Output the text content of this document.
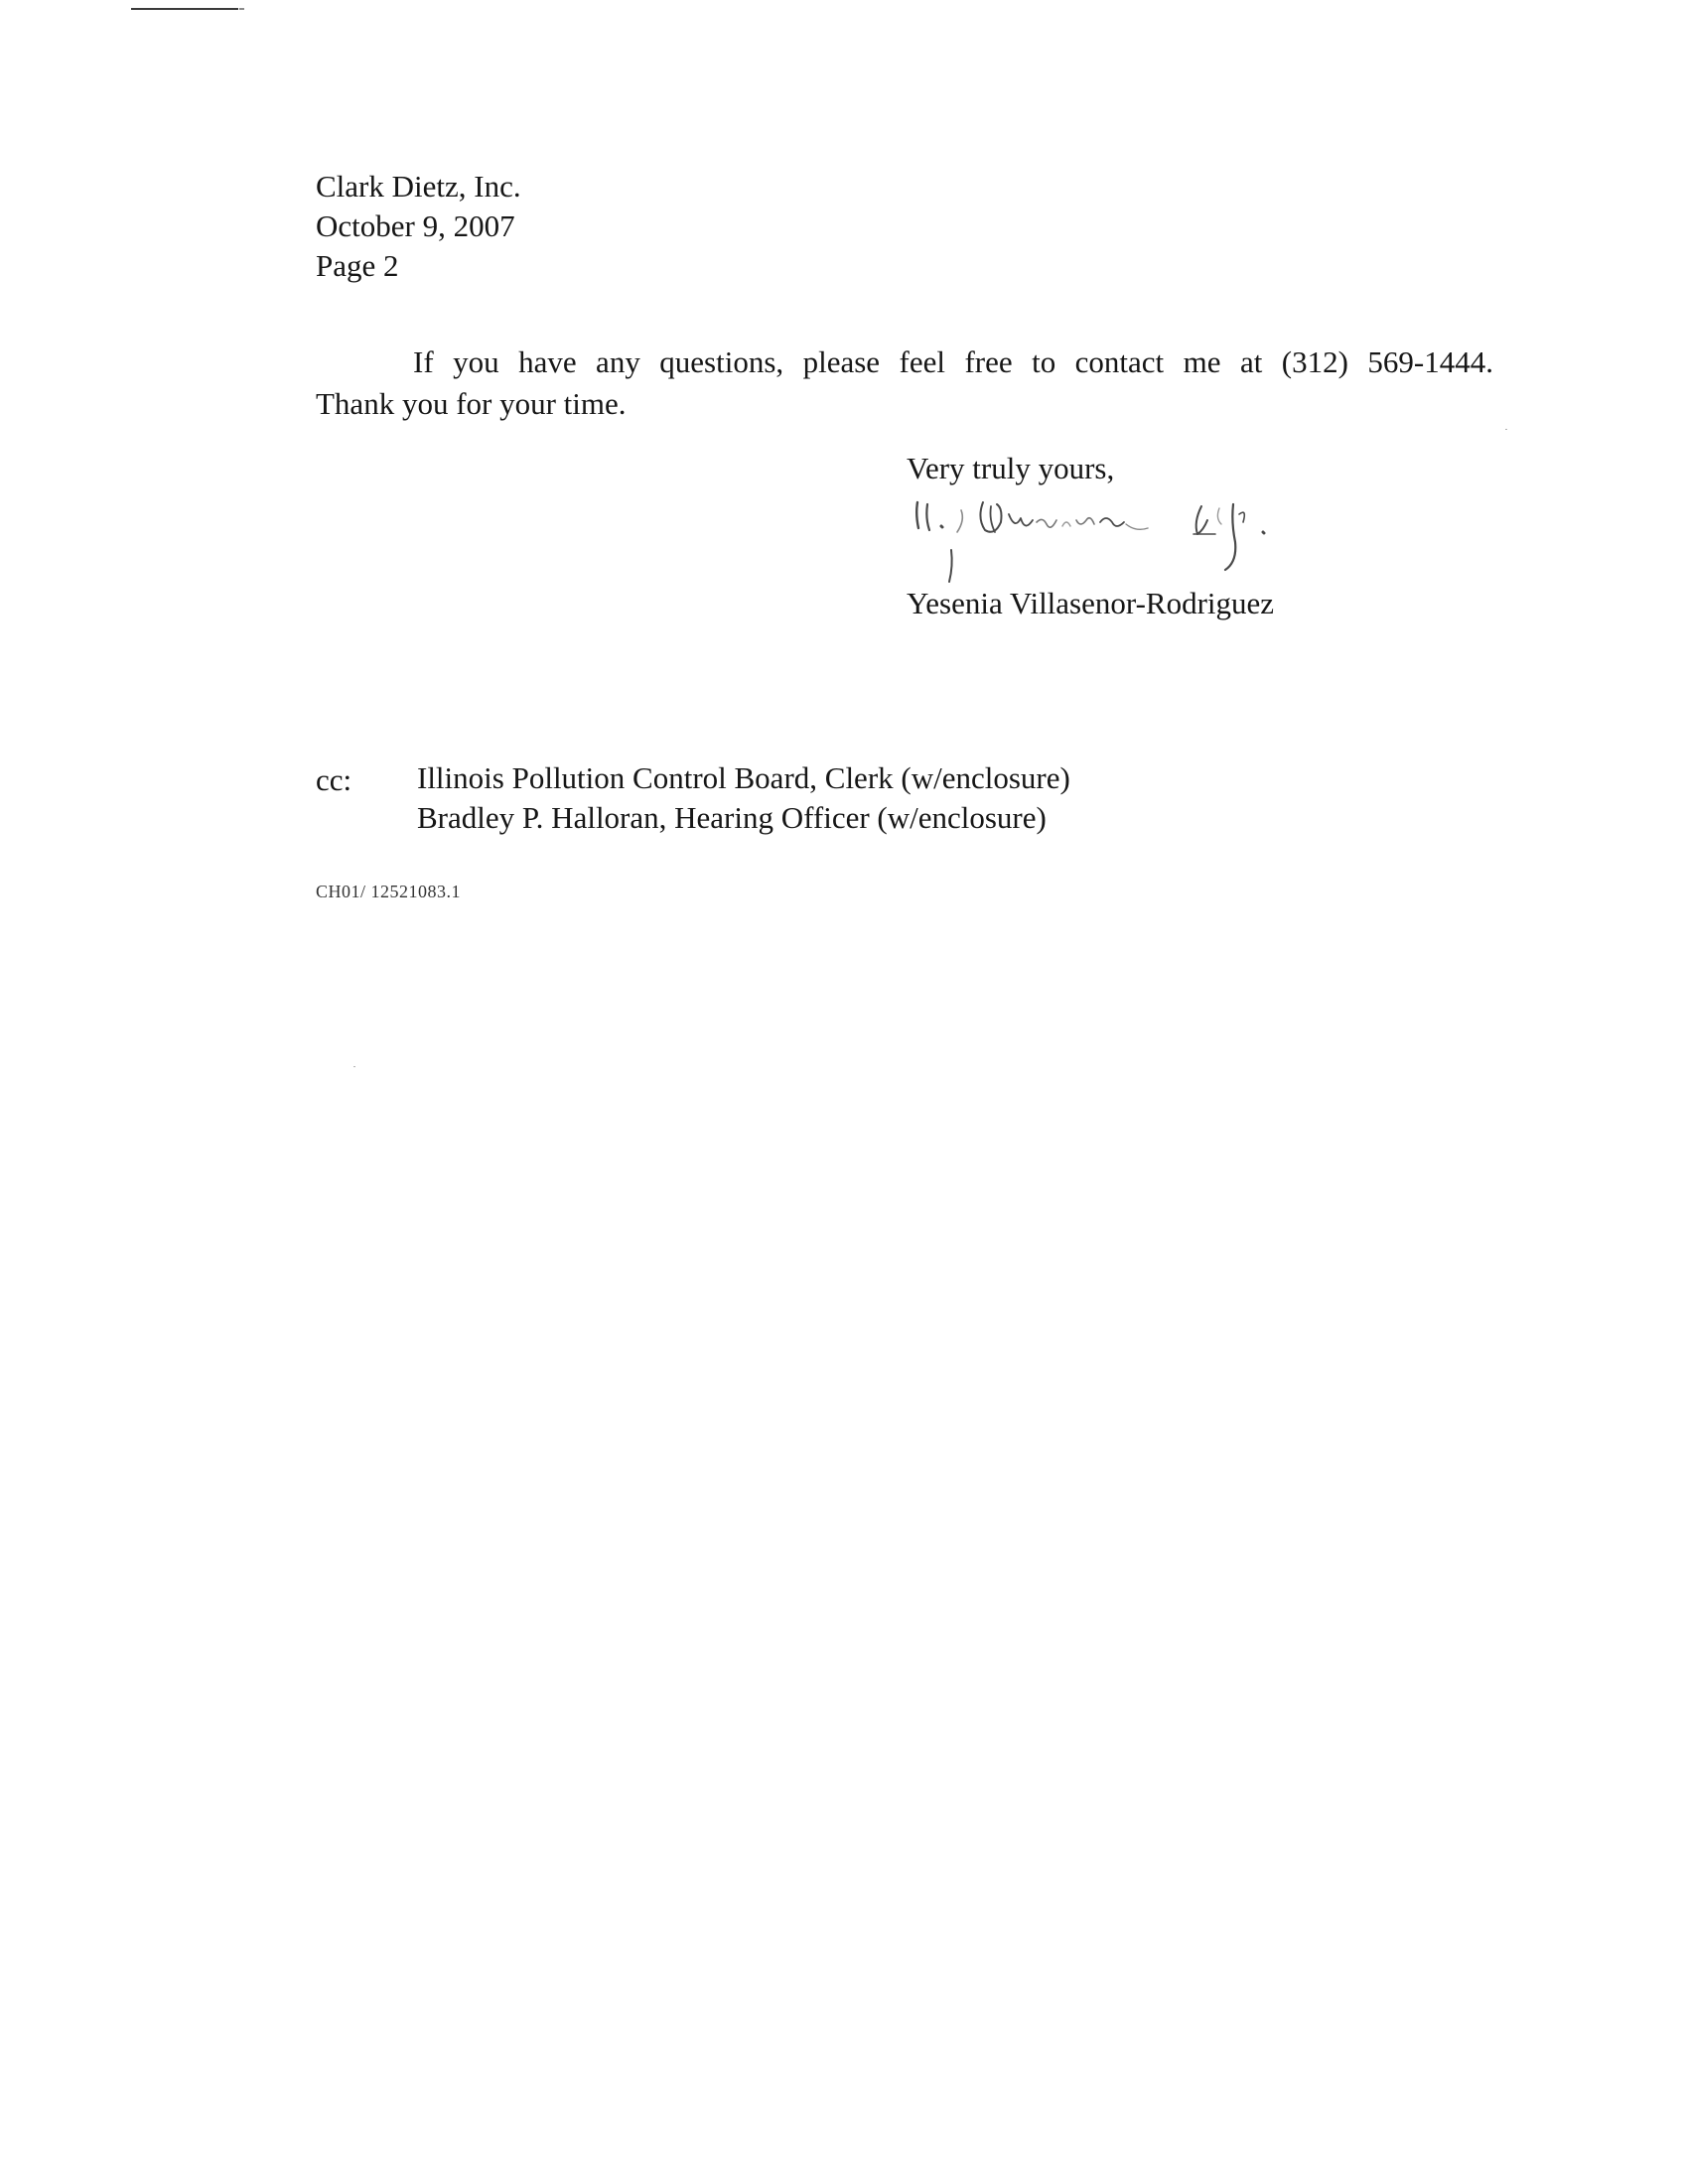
Clark Dietz, Inc.
October 9, 2007
Page 2
If you have any questions, please feel free to contact me at (312) 569-1444.
Thank you for your time.
Very truly yours,
Y. Villasenor-Rodriguez
Yesenia Villasenor-Rodriguez
cc: Illinois Pollution Control Board, Clerk (w/enclosure)
Bradley P. Halloran, Hearing Officer (w/enclosure)
CH01/ 12521083.1
